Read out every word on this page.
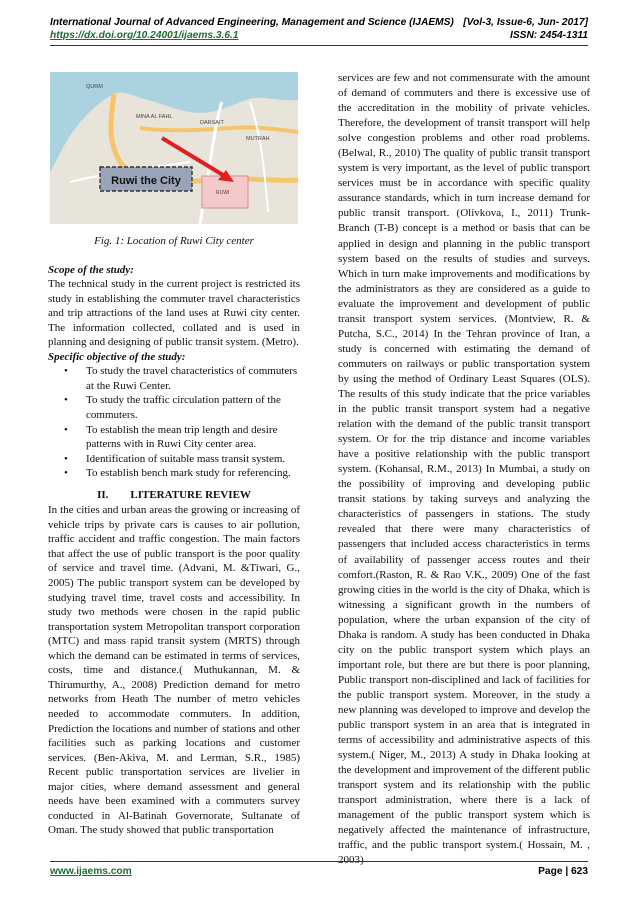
International Journal of Advanced Engineering, Management and Science (IJAEMS) [Vol-3, Issue-6, Jun- 2017]
https://dx.doi.org/10.24001/ijaems.3.6.1	ISSN: 2454-1311
Ruwi the City
QURM
MINA AL FAHL
DARSAIT
MUTRAH
RUWI
Fig. 1: Location of Ruwi City center

Scope of the study:

The technical study in the current project is restricted its study in establishing the commuter travel characteristics and trip attractions of the land uses at Ruwi city center. The information collected, collated and is used in planning and designing of public transit system. (Metro).

Specific objective of the study:

• To study the travel characteristics of commuters at the Ruwi Center.
• To study the traffic circulation pattern of the commuters.
• To establish the mean trip length and desire patterns with in Ruwi City center area.
• Identification of suitable mass transit system.
• To establish bench mark study for referencing.
II.        LITERATURE REVIEW

In the cities and urban areas the growing or increasing of vehicle trips by private cars is causes to air pollution, traffic accident and traffic congestion. The main factors that affect the use of public transport is the poor quality of service and travel time. (Advani, M. &Tiwari, G., 2005) The public transport system can be developed by studying travel time, travel costs and accessibility. In study two methods were chosen in the rapid public transportation system Metropolitan transport corporation (MTC) and mass rapid transit system (MRTS) through which the demand can be estimated in terms of services, costs, time and distance.( Muthukannan, M. & Thirumurthy, A., 2008) Prediction demand for metro networks from Heath The number of metro vehicles needed to accommodate commuters. In addition, Prediction the locations and number of stations and other facilities such as parking locations and customer services. (Ben-Akiva, M. and Lerman, S.R., 1985) Recent public transportation services are livelier in major cities, where demand assessment and general needs have been examined with a commuters survey conducted in Al-Batinah Governorate, Sultanate of Oman. The study showed that public transportation

services are few and not commensurate with the amount of demand of commuters and there is excessive use of the accreditation in the mobility of private vehicles. Therefore, the development of transit transport will help solve congestion problems and other road problems. (Belwal, R., 2010) The quality of public transit transport system is very important, as the level of public transport services must be in accordance with specific quality assurance standards, which in turn increase demand for public transit transport. (Olivkova, I., 2011) Trunk-Branch (T-B) concept is a method or basis that can be applied in design and planning in the public transport system based on the results of studies and surveys. Which in turn make improvements and modifications by the administrators as they are considered as a guide to evaluate the improvement and development of public transit transport system services. (Montview, R. & Putcha, S.C., 2014) In the Tehran province of Iran, a study is concerned with estimating the demand of commuters on railways or public transportation system by using the method of Ordinary Least Squares (OLS). The results of this study indicate that the price variables in the public transit transport system had a negative relation with the demand of the public transit transport system. Or for the trip distance and income variables have a positive relationship with the public transport system. (Kohansal, R.M., 2013) In Mumbai, a study on the possibility of improving and developing public transit stations by taking surveys and analyzing the characteristics of passengers in stations. The study revealed that there were many characteristics of passengers that included access characteristics in terms of availability of passenger access routes and their comfort.(Raston, R. & Rao V.K., 2009) One of the fast growing cities in the world is the city of Dhaka, which is witnessing a significant growth in the numbers of population, where the urban expansion of the city of Dhaka is random. A study has been conducted in Dhaka city on the public transport system which plays an important role, but there are but there is poor planning, Public transport non-disciplined and lack of facilities for the public transport system. Moreover, in the study a new planning was developed to improve and develop the public transport system in an area that is integrated in terms of accessibility and administrative aspects of this system.( Niger, M., 2013) A study in Dhaka looking at the development and improvement of the different public transport system and its relationship with the public transport administration, where there is a lack of management of the public transport system which is negatively affected the maintenance of infrastructure, traffic, and the public transport system.( Hossain, M. ,

www.ijaems.com	Page | 623
